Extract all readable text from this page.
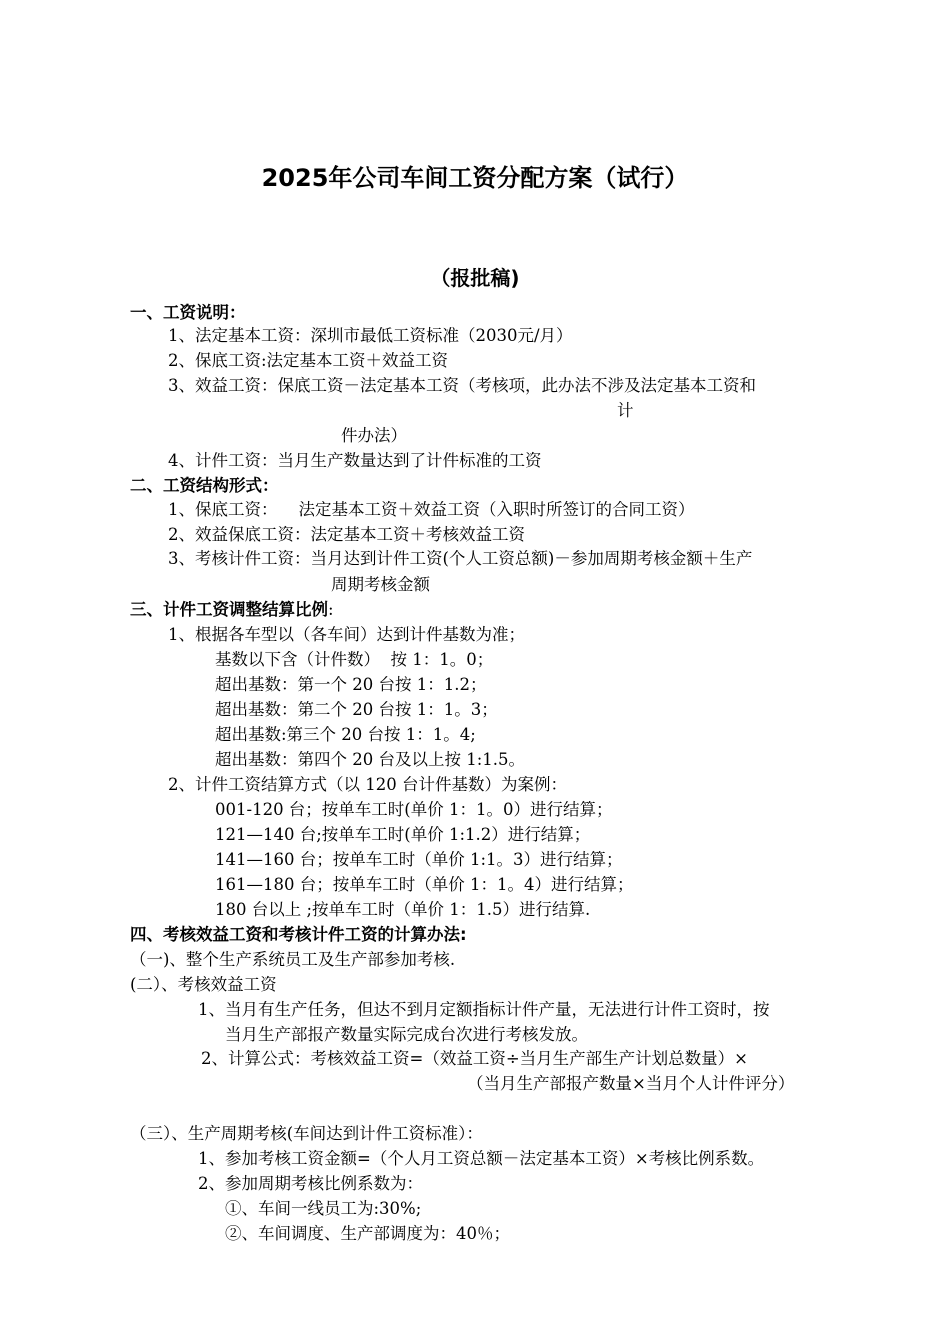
2025年公司车间工资分配方案（试行）
（报批稿)
一、工资说明：
1、法定基本工资：深圳市最低工资标准（2030元/月）
2、保底工资:法定基本工资＋效益工资
3、效益工资：保底工资－法定基本工资（考核项，此办法不涉及法定基本工资和
计
件办法）
4、计件工资：当月生产数量达到了计件标准的工资
二、工资结构形式：
1、保底工资：    法定基本工资＋效益工资（入职时所签订的合同工资）
2、效益保底工资：法定基本工资＋考核效益工资
3、考核计件工资：当月达到计件工资(个人工资总额)－参加周期考核金额＋生产
周期考核金额
三、计件工资调整结算比例:
1、根据各车型以（各车间）达到计件基数为准；
基数以下含（计件数）  按 1：1。0；
超出基数：第一个 20 台按 1：1.2；
超出基数：第二个 20 台按 1：1。3；
超出基数:第三个 20 台按 1：1。4;
超出基数：第四个 20 台及以上按 1:1.5。
2、计件工资结算方式（以 120 台计件基数）为案例：
001-120 台；按单车工时(单价 1：1。0）进行结算；
121—140 台;按单车工时(单价 1:1.2）进行结算；
141—160 台；按单车工时（单价 1:1。3）进行结算；
161—180 台；按单车工时（单价 1：1。4）进行结算；
180 台以上 ;按单车工时（单价 1：1.5）进行结算.
四、考核效益工资和考核计件工资的计算办法:
（一)、整个生产系统员工及生产部参加考核.
(二）、考核效益工资
1、当月有生产任务，但达不到月定额指标计件产量，无法进行计件工资时，按
当月生产部报产数量实际完成台次进行考核发放。
2、计算公式：考核效益工资=（效益工资÷当月生产部生产计划总数量）×
（当月生产部报产数量×当月个人计件评分）
（三）、生产周期考核(车间达到计件工资标准）：
1、参加考核工资金额=（个人月工资总额－法定基本工资）×考核比例系数。
2、参加周期考核比例系数为：
①、车间一线员工为:30%;
②、车间调度、生产部调度为：40％；
